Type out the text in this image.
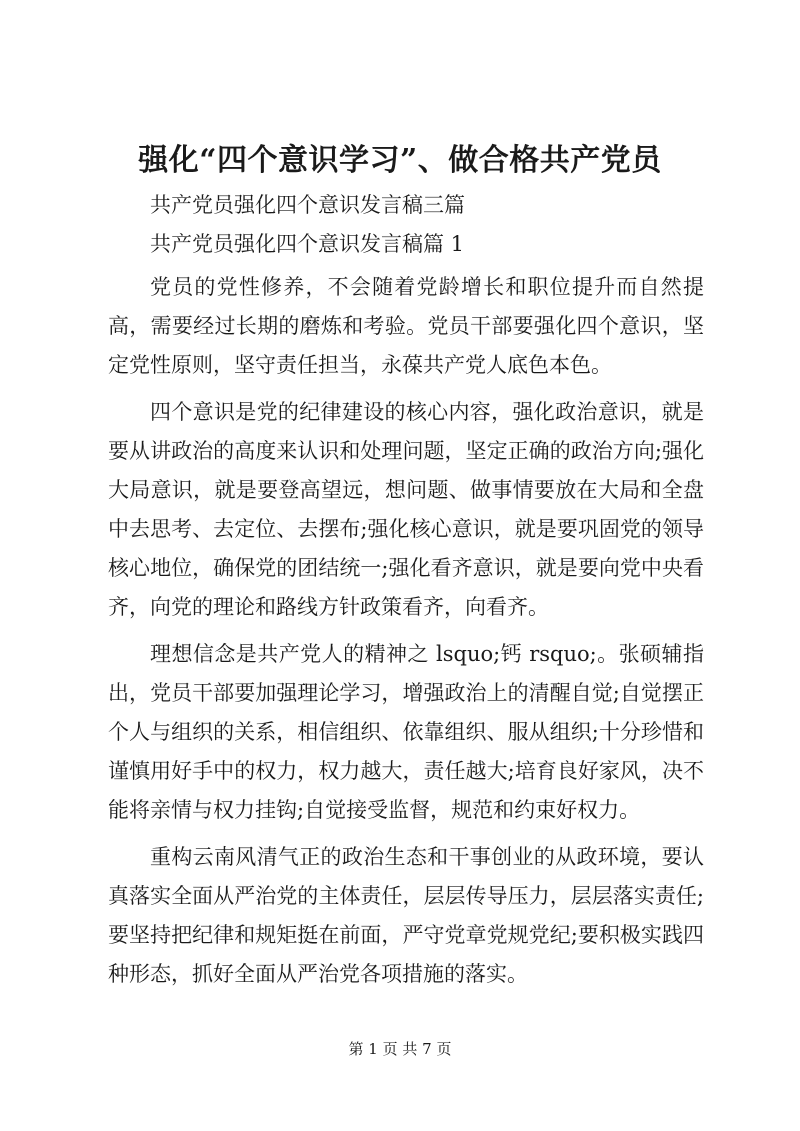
强化“四个意识学习”、做合格共产党员

共产党员强化四个意识发言稿三篇

共产党员强化四个意识发言稿篇 1

党员的党性修养，不会随着党龄增长和职位提升而自然提高，需要经过长期的磨炼和考验。党员干部要强化四个意识，坚定党性原则，坚守责任担当，永葆共产党人底色本色。

四个意识是党的纪律建设的核心内容，强化政治意识，就是要从讲政治的高度来认识和处理问题，坚定正确的政治方向;强化大局意识，就是要登高望远，想问题、做事情要放在大局和全盘中去思考、去定位、去摆布;强化核心意识，就是要巩固党的领导核心地位，确保党的团结统一;强化看齐意识，就是要向党中央看齐，向党的理论和路线方针政策看齐，向看齐。

理想信念是共产党人的精神之 lsquo;钙 rsquo;。张硕辅指出，党员干部要加强理论学习，增强政治上的清醒自觉;自觉摆正个人与组织的关系，相信组织、依靠组织、服从组织;十分珍惜和谨慎用好手中的权力，权力越大，责任越大;培育良好家风，决不能将亲情与权力挂钩;自觉接受监督，规范和约束好权力。

重构云南风清气正的政治生态和干事创业的从政环境，要认真落实全面从严治党的主体责任，层层传导压力，层层落实责任;要坚持把纪律和规矩挺在前面，严守党章党规党纪;要积极实践四种形态，抓好全面从严治党各项措施的落实。

第 1 页 共 7 页
